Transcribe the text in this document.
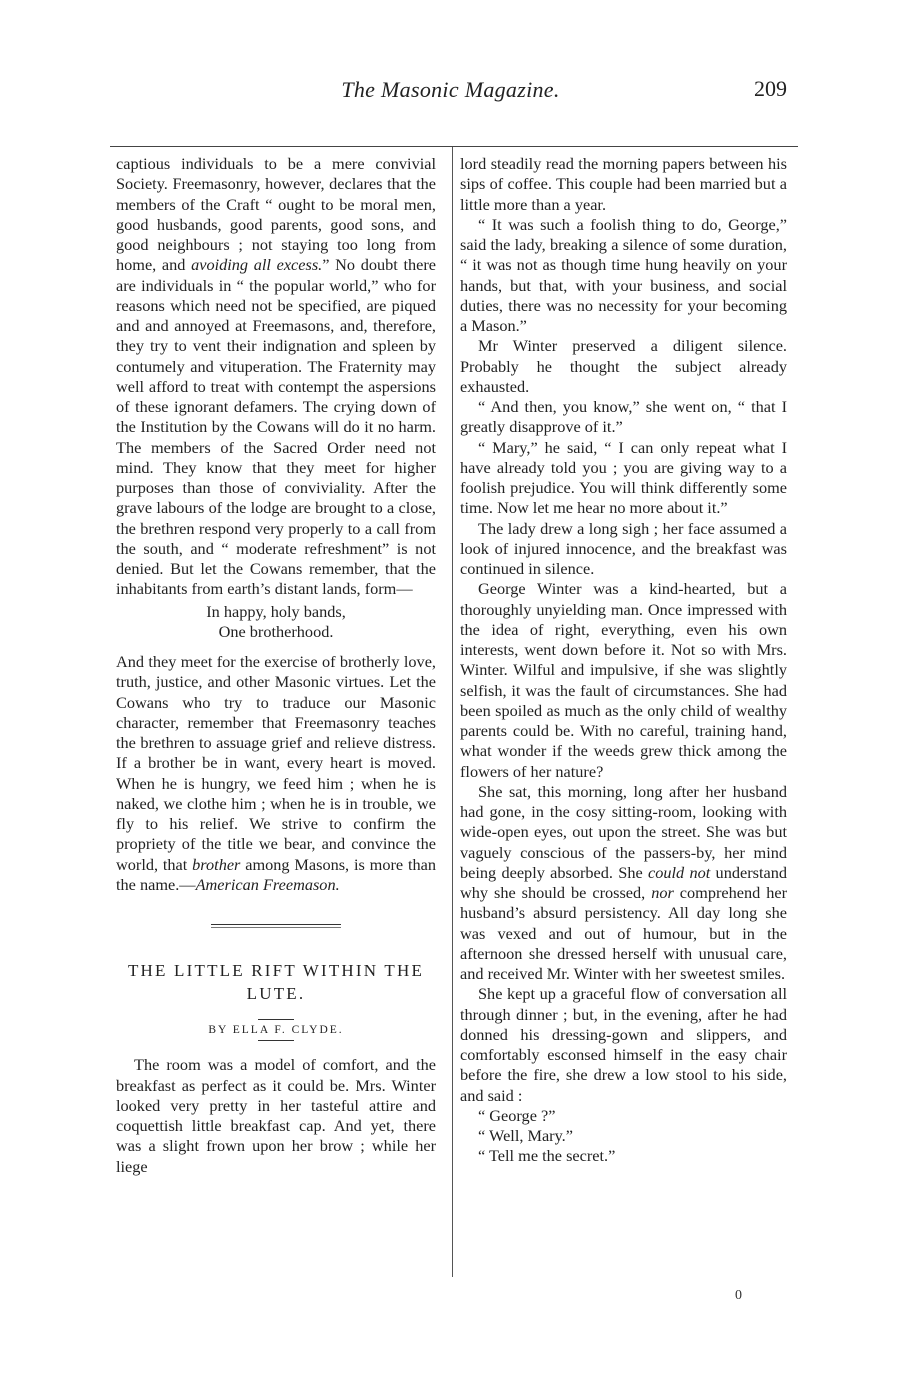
The Masonic Magazine.	209

captious individuals to be a mere convivial Society. Freemasonry, however, declares that the members of the Craft “ ought to be moral men, good husbands, good parents, good sons, and good neighbours ; not staying too long from home, and avoiding all excess.” No doubt there are individuals in “ the popular world,” who for reasons which need not be specified, are piqued and and annoyed at Freemasons, and, therefore, they try to vent their indignation and spleen by contumely and vituperation. The Fraternity may well afford to treat with contempt the aspersions of these ignorant defamers. The crying down of the Institution by the Cowans will do it no harm. The members of the Sacred Order need not mind. They know that they meet for higher purposes than those of conviviality. After the grave labours of the lodge are brought to a close, the brethren respond very properly to a call from the south, and “ moderate refreshment” is not denied. But let the Cowans remember, that the inhabitants from earth’s distant lands, form—

In happy, holy bands,

One brotherhood.

And they meet for the exercise of brotherly love, truth, justice, and other Masonic virtues. Let the Cowans who try to traduce our Masonic character, remember that Freemasonry teaches the brethren to assuage grief and relieve distress. If a brother be in want, every heart is moved. When he is hungry, we feed him ; when he is naked, we clothe him ; when he is in trouble, we fly to his relief. We strive to confirm the propriety of the title we bear, and convince the world, that brother among Masons, is more than the name.—American Freemason.

THE LITTLE RIFT WITHIN THE LUTE.

BY ELLA F. CLYDE.

The room was a model of comfort, and the breakfast as perfect as it could be. Mrs. Winter looked very pretty in her tasteful attire and coquettish little breakfast cap. And yet, there was a slight frown upon her brow ; while her liege

lord steadily read the morning papers between his sips of coffee. This couple had been married but a little more than a year.

“ It was such a foolish thing to do, George,” said the lady, breaking a silence of some duration, “ it was not as though time hung heavily on your hands, but that, with your business, and social duties, there was no necessity for your becoming a Mason.”

Mr Winter preserved a diligent silence. Probably he thought the subject already exhausted.

“ And then, you know,” she went on, “ that I greatly disapprove of it.”

“ Mary,” he said, “ I can only repeat what I have already told you ; you are giving way to a foolish prejudice. You will think differently some time. Now let me hear no more about it.”

The lady drew a long sigh ; her face assumed a look of injured innocence, and the breakfast was continued in silence.

George Winter was a kind-hearted, but a thoroughly unyielding man. Once impressed with the idea of right, everything, even his own interests, went down before it. Not so with Mrs. Winter. Wilful and impulsive, if she was slightly selfish, it was the fault of circumstances. She had been spoiled as much as the only child of wealthy parents could be. With no careful, training hand, what wonder if the weeds grew thick among the flowers of her nature?

She sat, this morning, long after her husband had gone, in the cosy sitting-room, looking with wide-open eyes, out upon the street. She was but vaguely conscious of the passers-by, her mind being deeply absorbed. She could not understand why she should be crossed, nor comprehend her husband’s absurd persistency. All day long she was vexed and out of humour, but in the afternoon she dressed herself with unusual care, and received Mr. Winter with her sweetest smiles.

She kept up a graceful flow of conversation all through dinner ; but, in the evening, after he had donned his dressing-gown and slippers, and comfortably esconsed himself in the easy chair before the fire, she drew a low stool to his side, and said :

“ George ?”

“ Well, Mary.”

“ Tell me the secret.”

0
